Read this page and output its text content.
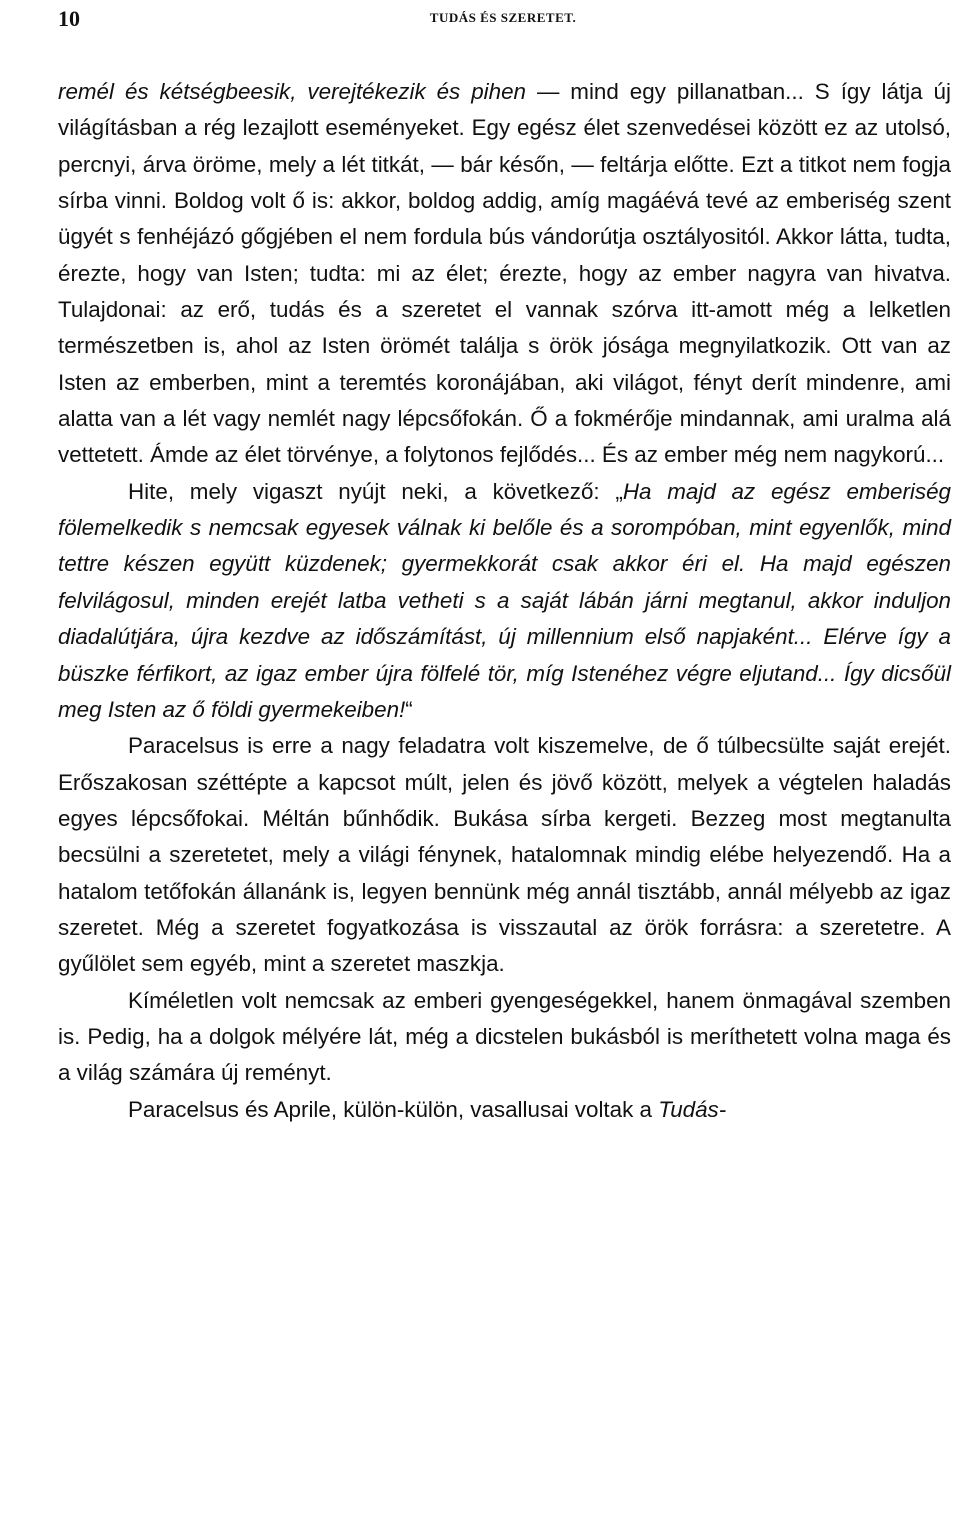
10	TUDÁS ÉS SZERETET.

remél és kétségbeesik, verejtékezik és pihen — mind egy pillanatban... S így látja új világításban a rég lezajlott eseményeket. Egy egész élet szenvedései között ez az utolsó, percnyi, árva öröme, mely a lét titkát, — bár későn, — feltárja előtte. Ezt a titkot nem fogja sírba vinni. Boldog volt ő is: akkor, boldog addig, amíg magáévá tevé az emberiség szent ügyét s fenhéjázó gőgjében el nem fordula bús vándorútja osztályositól. Akkor látta, tudta, érezte, hogy van Isten; tudta: mi az élet; érezte, hogy az ember nagyra van hivatva. Tulajdonai: az erő, tudás és a szeretet el vannak szórva itt-amott még a lelketlen természetben is, ahol az Isten örömét találja s örök jósága megnyilatkozik. Ott van az Isten az emberben, mint a teremtés koronájában, aki világot, fényt derít mindenre, ami alatta van a lét vagy nemlét nagy lépcsőfokán. Ő a fokmérője mindannak, ami uralma alá vettetett. Ámde az élet törvénye, a folytonos fejlődés... És az ember még nem nagykorú...

Hite, mely vigaszt nyújt neki, a következő: „Ha majd az egész emberiség fölemelkedik s nemcsak egyesek válnak ki belőle és a sorompóban, mint egyenlők, mind tettre készen együtt küzdenek; gyermekkorát csak akkor éri el. Ha majd egészen felvilágosul, minden erejét latba vetheti s a saját lábán járni megtanul, akkor induljon diadalútjára, újra kezdve az időszámítást, új millennium első napjaként... Elérve így a büszke férfikort, az igaz ember újra fölfelé tör, míg Istenéhez végre eljutand... Így dicsőül meg Isten az ő földi gyermekeiben!“

Paracelsus is erre a nagy feladatra volt kiszemelve, de ő túlbecsülte saját erejét. Erőszakosan széttépte a kapcsot múlt, jelen és jövő között, melyek a végtelen haladás egyes lépcsőfokai. Méltán bűnhődik. Bukása sírba kergeti. Bezzeg most megtanulta becsülni a szeretetet, mely a világi fénynek, hatalomnak mindig elébe helyezendő. Ha a hatalom tetőfokán állanánk is, legyen bennünk még annál tisztább, annál mélyebb az igaz szeretet. Még a szeretet fogyatkozása is visszautal az örök forrásra: a szeretetre. A gyűlölet sem egyéb, mint a szeretet maszkja.

Kíméletlen volt nemcsak az emberi gyengeségekkel, hanem önmagával szemben is. Pedig, ha a dolgok mélyére lát, még a dicstelen bukásból is meríthetett volna maga és a világ számára új reményt.

Paracelsus és Aprile, külön-külön, vasallusai voltak a Tudás-
